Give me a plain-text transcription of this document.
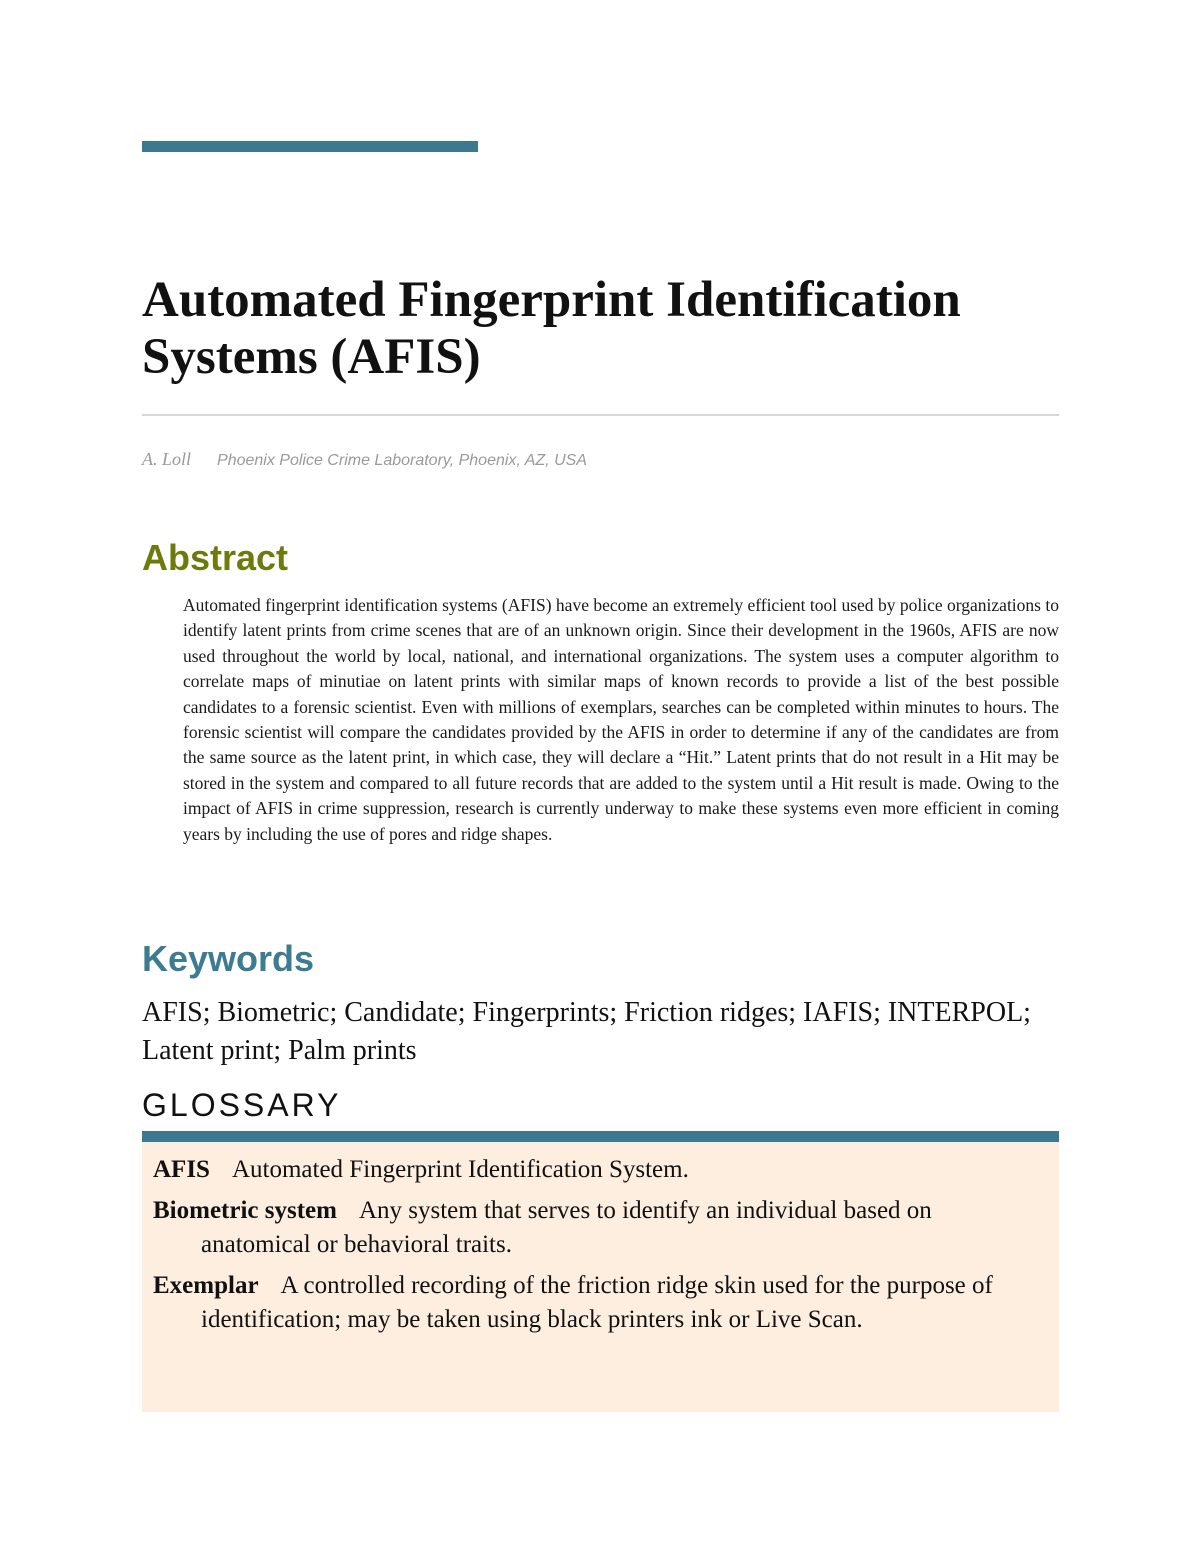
Automated Fingerprint Identification Systems (AFIS)
A. Loll Phoenix Police Crime Laboratory, Phoenix, AZ, USA
Abstract

Automated fingerprint identification systems (AFIS) have become an extremely efficient tool used by police organizations to identify latent prints from crime scenes that are of an unknown origin. Since their development in the 1960s, AFIS are now used throughout the world by local, national, and international organizations. The system uses a computer algorithm to correlate maps of minutiae on latent prints with similar maps of known records to provide a list of the best possible candidates to a forensic scientist. Even with millions of exemplars, searches can be completed within minutes to hours. The forensic scientist will compare the candidates provided by the AFIS in order to determine if any of the candidates are from the same source as the latent print, in which case, they will declare a “Hit.” Latent prints that do not result in a Hit may be stored in the system and compared to all future records that are added to the system until a Hit result is made. Owing to the impact of AFIS in crime suppression, research is currently underway to make these systems even more efficient in coming years by including the use of pores and ridge shapes.

Keywords

AFIS; Biometric; Candidate; Fingerprints; Friction ridges; IAFIS; INTERPOL; Latent print; Palm prints

GLOSSARY

AFIS Automated Fingerprint Identification System.

Biometric system Any system that serves to identify an individual based on anatomical or behavioral traits.

Exemplar A controlled recording of the friction ridge skin used for the purpose of identification; may be taken using black printers ink or Live Scan.
